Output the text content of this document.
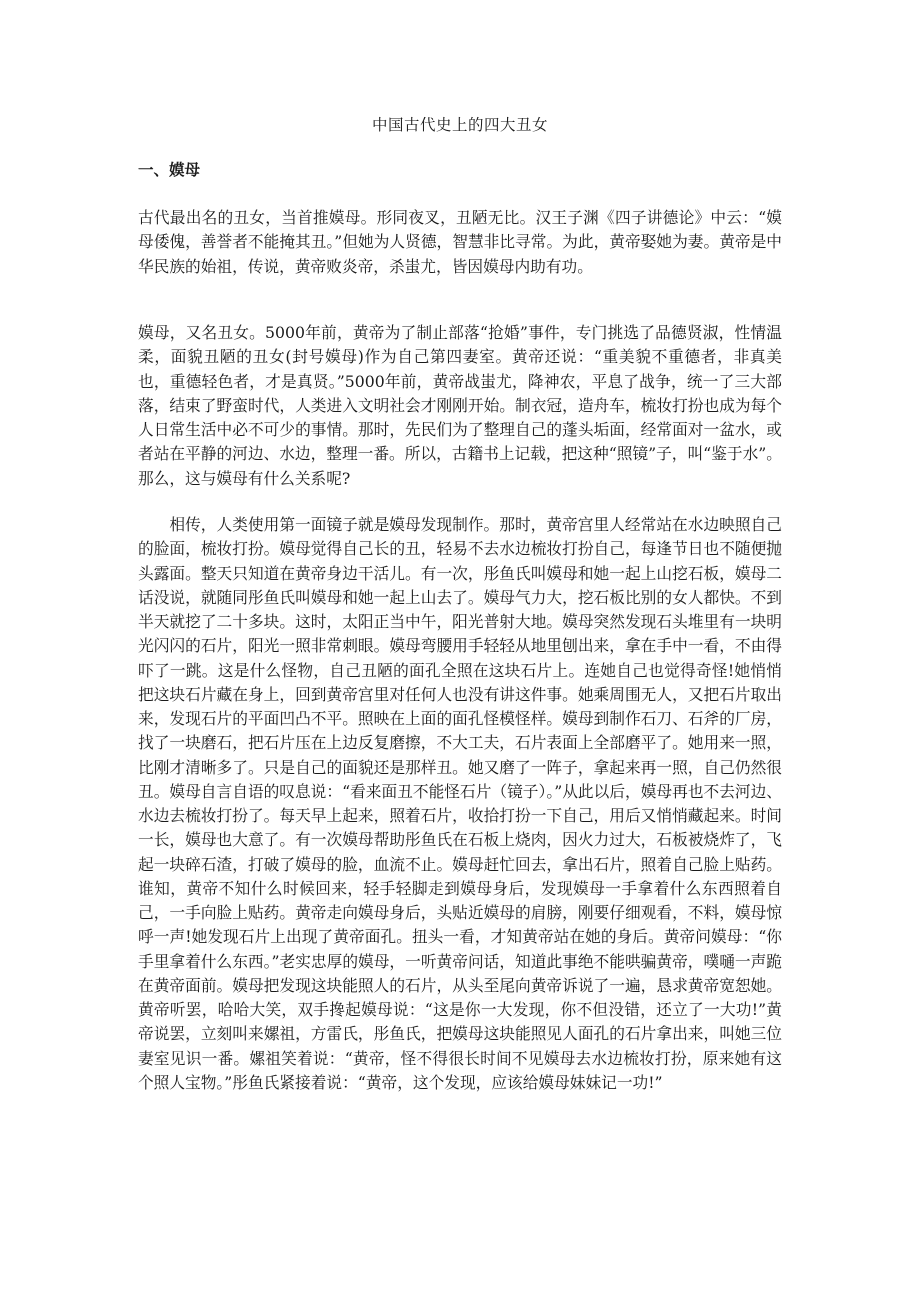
中国古代史上的四大丑女
一、嫫母

古代最出名的丑女，当首推嫫母。形同夜叉，丑陋无比。汉王子渊《四子讲德论》中云：“嫫母倭傀，善誉者不能掩其丑。”但她为人贤德，智慧非比寻常。为此，黄帝娶她为妻。黄帝是中华民族的始祖，传说，黄帝败炎帝，杀蚩尤，皆因嫫母内助有功。

嫫母，又名丑女。5000年前，黄帝为了制止部落“抢婚”事件，专门挑选了品德贤淑，性情温柔，面貌丑陋的丑女(封号嫫母)作为自己第四妻室。黄帝还说：“重美貌不重德者，非真美也，重德轻色者，才是真贤。”5000年前，黄帝战蚩尤，降神农，平息了战争，统一了三大部落，结束了野蛮时代，人类进入文明社会才刚刚开始。制衣冠，造舟车，梳妆打扮也成为每个人日常生活中必不可少的事情。那时，先民们为了整理自己的蓬头垢面，经常面对一盆水，或者站在平静的河边、水边，整理一番。所以，古籍书上记载，把这种“照镜”子，叫“鉴于水”。那么，这与嫫母有什么关系呢?

相传，人类使用第一面镜子就是嫫母发现制作。那时，黄帝宫里人经常站在水边映照自己的脸面，梳妆打扮。嫫母觉得自己长的丑，轻易不去水边梳妆打扮自己，每逢节日也不随便抛头露面。整天只知道在黄帝身边干活儿。有一次，彤鱼氏叫嫫母和她一起上山挖石板，嫫母二话没说，就随同彤鱼氏叫嫫母和她一起上山去了。嫫母气力大，挖石板比别的女人都快。不到半天就挖了二十多块。这时，太阳正当中午，阳光普射大地。嫫母突然发现石头堆里有一块明光闪闪的石片，阳光一照非常刺眼。嫫母弯腰用手轻轻从地里刨出来，拿在手中一看，不由得吓了一跳。这是什么怪物，自己丑陋的面孔全照在这块石片上。连她自己也觉得奇怪!她悄悄把这块石片藏在身上，回到黄帝宫里对任何人也没有讲这件事。她乘周围无人，又把石片取出来，发现石片的平面凹凸不平。照映在上面的面孔怪模怪样。嫫母到制作石刀、石斧的厂房，找了一块磨石，把石片压在上边反复磨擦，不大工夫，石片表面上全部磨平了。她用来一照，比刚才清晰多了。只是自己的面貌还是那样丑。她又磨了一阵子，拿起来再一照，自己仍然很丑。嫫母自言自语的叹息说：“看来面丑不能怪石片（镜子）。”从此以后，嫫母再也不去河边、水边去梳妆打扮了。每天早上起来，照着石片，收拾打扮一下自己，用后又悄悄藏起来。时间一长，嫫母也大意了。有一次嫫母帮助彤鱼氏在石板上烧肉，因火力过大，石板被烧炸了，飞起一块碎石渣，打破了嫫母的脸，血流不止。嫫母赶忙回去，拿出石片，照着自己脸上贴药。谁知，黄帝不知什么时候回来，轻手轻脚走到嫫母身后，发现嫫母一手拿着什么东西照着自己，一手向脸上贴药。黄帝走向嫫母身后，头贴近嫫母的肩膀，刚要仔细观看，不料，嫫母惊呼一声!她发现石片上出现了黄帝面孔。扭头一看，才知黄帝站在她的身后。黄帝问嫫母：“你手里拿着什么东西。”老实忠厚的嫫母，一听黄帝问话，知道此事绝不能哄骗黄帝，噗嗵一声跪在黄帝面前。嫫母把发现这块能照人的石片，从头至尾向黄帝诉说了一遍，恳求黄帝宽恕她。黄帝听罢，哈哈大笑，双手搀起嫫母说：“这是你一大发现，你不但没错，还立了一大功!”黄帝说罢，立刻叫来嫘祖，方雷氏，彤鱼氏，把嫫母这块能照见人面孔的石片拿出来，叫她三位妻室见识一番。嫘祖笑着说：“黄帝，怪不得很长时间不见嫫母去水边梳妆打扮，原来她有这个照人宝物。”彤鱼氏紧接着说：“黄帝，这个发现，应该给嫫母妹妹记一功!”
